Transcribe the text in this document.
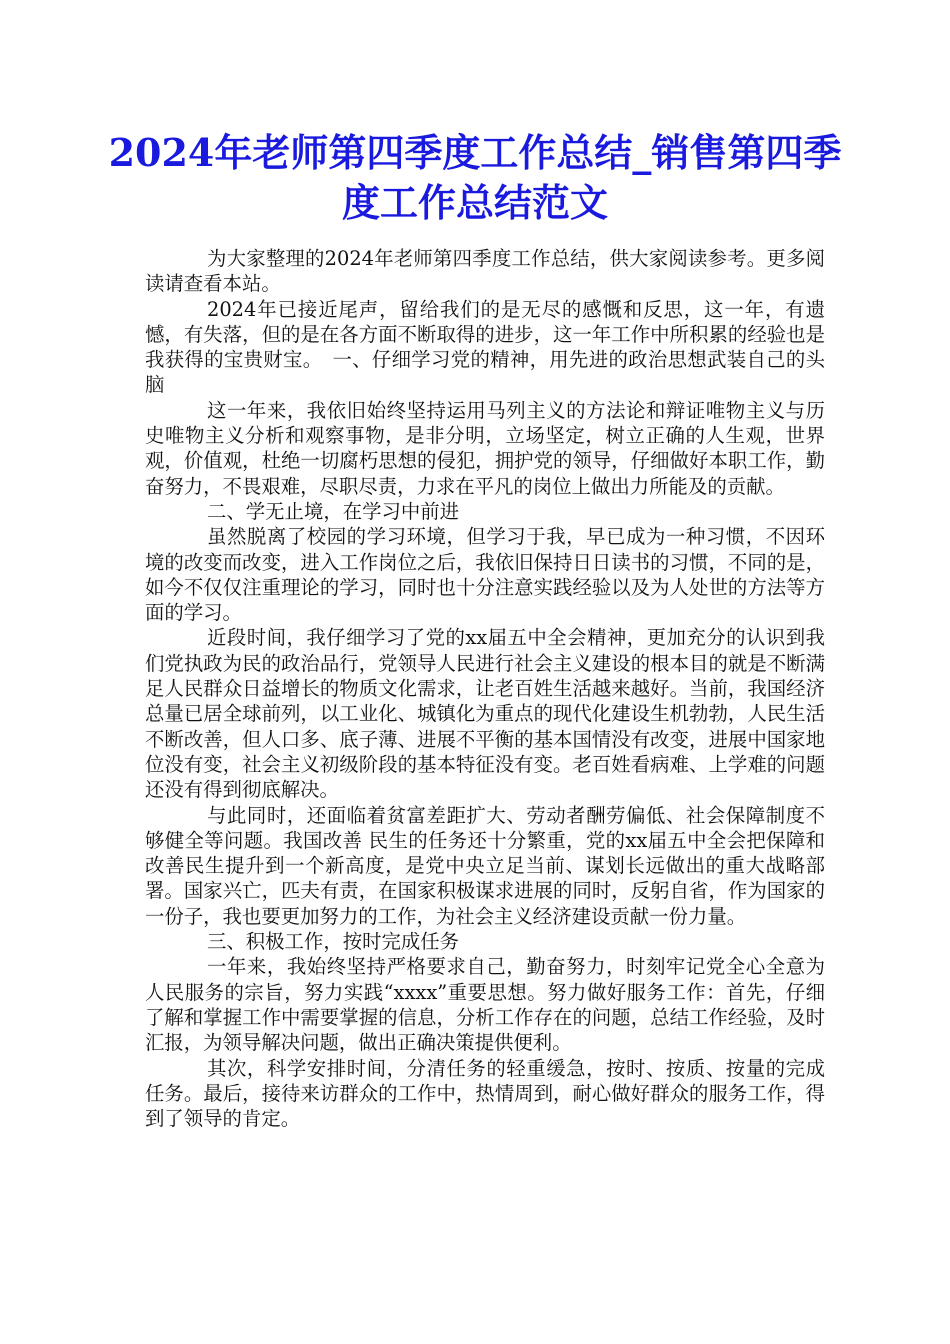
2024年老师第四季度工作总结_销售第四季度工作总结范文

为大家整理的2024年老师第四季度工作总结，供大家阅读参考。更多阅读请查看本站。

2024年已接近尾声，留给我们的是无尽的感慨和反思，这一年，有遗憾，有失落，但的是在各方面不断取得的进步，这一年工作中所积累的经验也是我获得的宝贵财宝。　一、仔细学习党的精神，用先进的政治思想武装自己的头脑

这一年来，我依旧始终坚持运用马列主义的方法论和辩证唯物主义与历史唯物主义分析和观察事物，是非分明，立场坚定，树立正确的人生观，世界观，价值观，杜绝一切腐朽思想的侵犯，拥护党的领导，仔细做好本职工作，勤奋努力，不畏艰难，尽职尽责，力求在平凡的岗位上做出力所能及的贡献。

二、学无止境，在学习中前进

虽然脱离了校园的学习环境，但学习于我，早已成为一种习惯，不因环境的改变而改变，进入工作岗位之后，我依旧保持日日读书的习惯，不同的是，如今不仅仅注重理论的学习，同时也十分注意实践经验以及为人处世的方法等方面的学习。

近段时间，我仔细学习了党的xx届五中全会精神，更加充分的认识到我们党执政为民的政治品行，党领导人民进行社会主义建设的根本目的就是不断满足人民群众日益增长的物质文化需求，让老百姓生活越来越好。当前，我国经济总量已居全球前列，以工业化、城镇化为重点的现代化建设生机勃勃，人民生活不断改善，但人口多、底子薄、进展不平衡的基本国情没有改变，进展中国家地位没有变，社会主义初级阶段的基本特征没有变。老百姓看病难、上学难的问题还没有得到彻底解决。

与此同时，还面临着贫富差距扩大、劳动者酬劳偏低、社会保障制度不够健全等问题。我国改善 民生的任务还十分繁重，党的xx届五中全会把保障和改善民生提升到一个新高度，是党中央立足当前、谋划长远做出的重大战略部署。国家兴亡，匹夫有责，在国家积极谋求进展的同时，反躬自省，作为国家的一份子，我也要更加努力的工作，为社会主义经济建设贡献一份力量。

三、积极工作，按时完成任务

一年来，我始终坚持严格要求自己，勤奋努力，时刻牢记党全心全意为人民服务的宗旨，努力实践“xxxx”重要思想。努力做好服务工作：首先，仔细了解和掌握工作中需要掌握的信息，分析工作存在的问题，总结工作经验，及时汇报，为领导解决问题，做出正确决策提供便利。

其次，科学安排时间，分清任务的轻重缓急，按时、按质、按量的完成任务。最后，接待来访群众的工作中，热情周到，耐心做好群众的服务工作，得到了领导的肯定。
